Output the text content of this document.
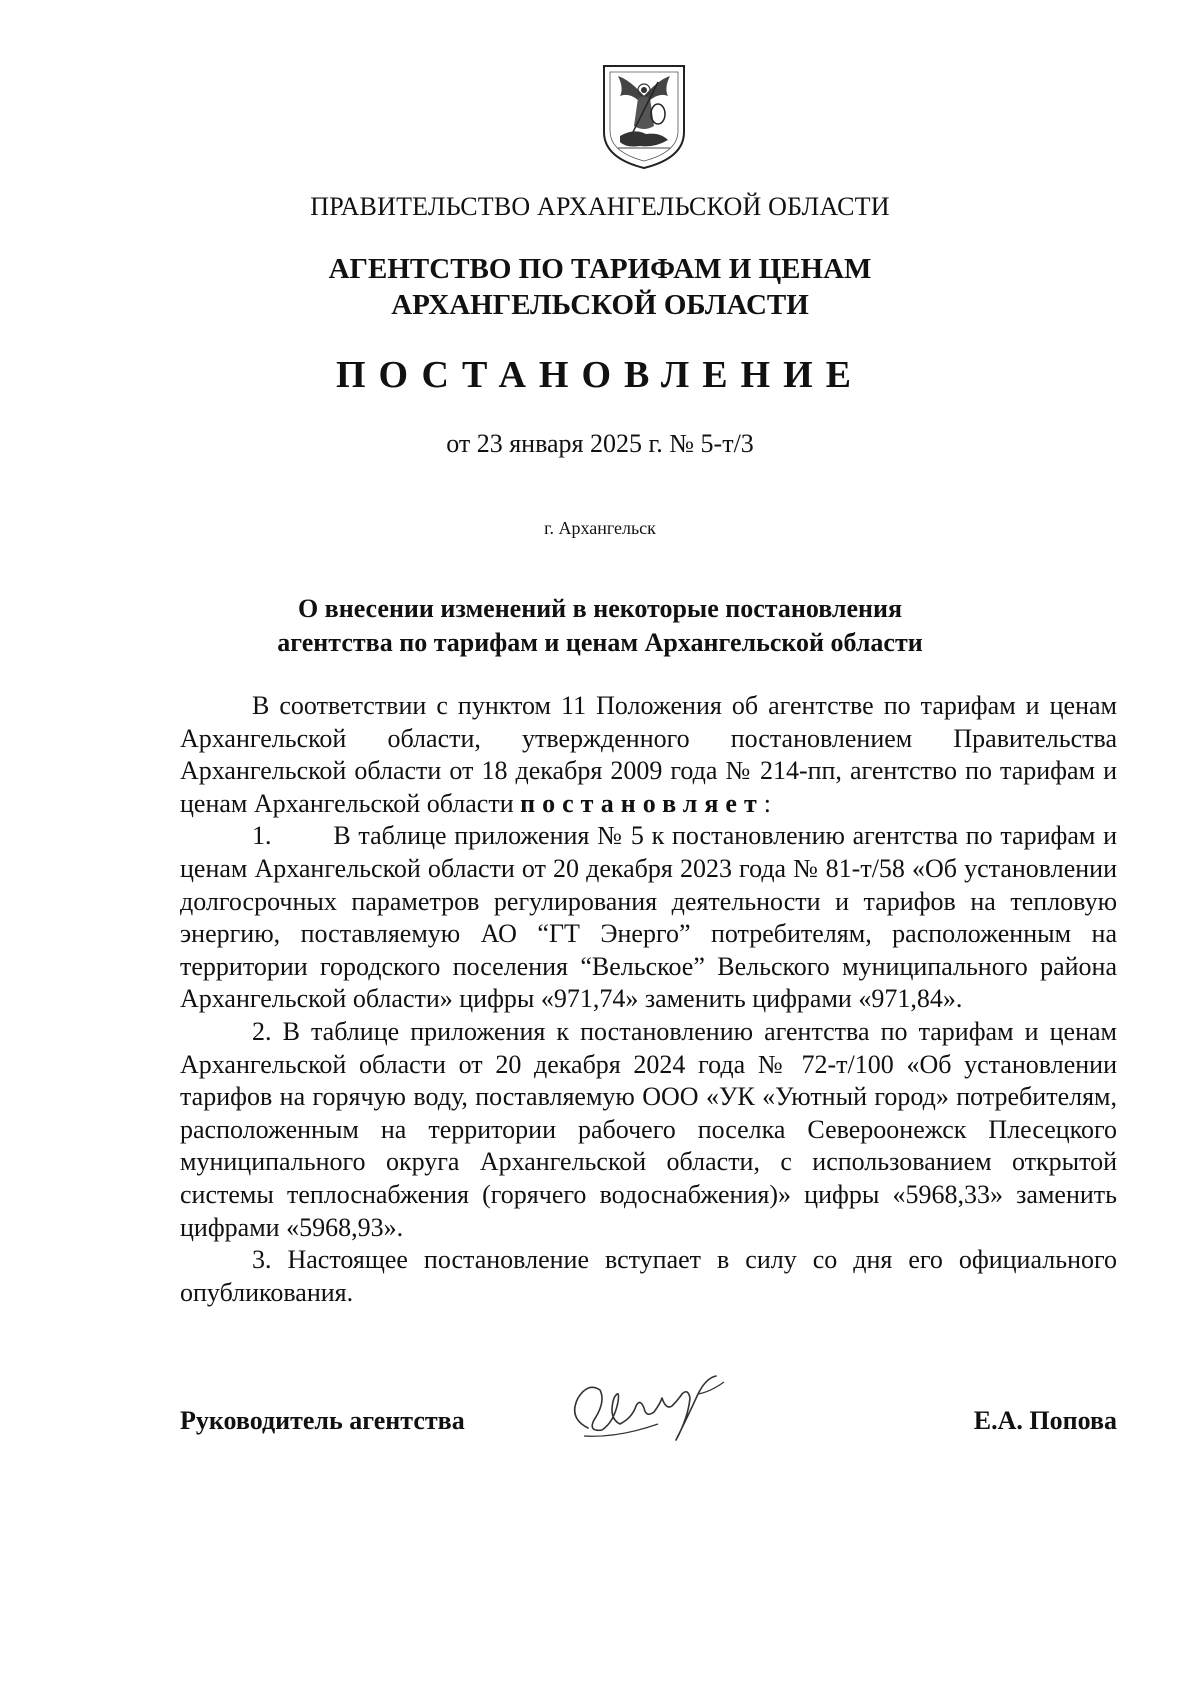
ПРАВИТЕЛЬСТВО АРХАНГЕЛЬСКОЙ ОБЛАСТИ
АГЕНТСТВО ПО ТАРИФАМ И ЦЕНАМ
АРХАНГЕЛЬСКОЙ ОБЛАСТИ
ПОСТАНОВЛЕНИЕ
от 23 января 2025 г. № 5-т/3
г. Архангельск
О внесении изменений в некоторые постановления
агентства по тарифам и ценам Архангельской области

В соответствии с пунктом 11 Положения об агентстве по тарифам и ценам Архангельской области, утвержденного постановлением Правительства Архангельской области от 18 декабря 2009 года № 214-пп, агентство по тарифам и ценам Архангельской области постановляет:

1.        В таблице приложения № 5 к постановлению агентства по тарифам и ценам Архангельской области от 20 декабря 2023 года № 81-т/58 «Об установлении долгосрочных параметров регулирования деятельности и тарифов на тепловую энергию, поставляемую АО “ГТ Энерго” потребителям, расположенным на территории городского поселения “Вельское” Вельского муниципального района Архангельской области» цифры «971,74» заменить цифрами «971,84».

2. В таблице приложения к постановлению агентства по тарифам и ценам Архангельской области от 20 декабря 2024 года № 72-т/100 «Об установлении тарифов на горячую воду, поставляемую ООО «УК «Уютный город» потребителям, расположенным на территории рабочего поселка Североонежск Плесецкого муниципального округа Архангельской области, с использованием открытой системы теплоснабжения (горячего водоснабжения)» цифры «5968,33» заменить цифрами «5968,93».

3. Настоящее постановление вступает в силу со дня его официального опубликования.

Руководитель агентства	Е.А. Попова
